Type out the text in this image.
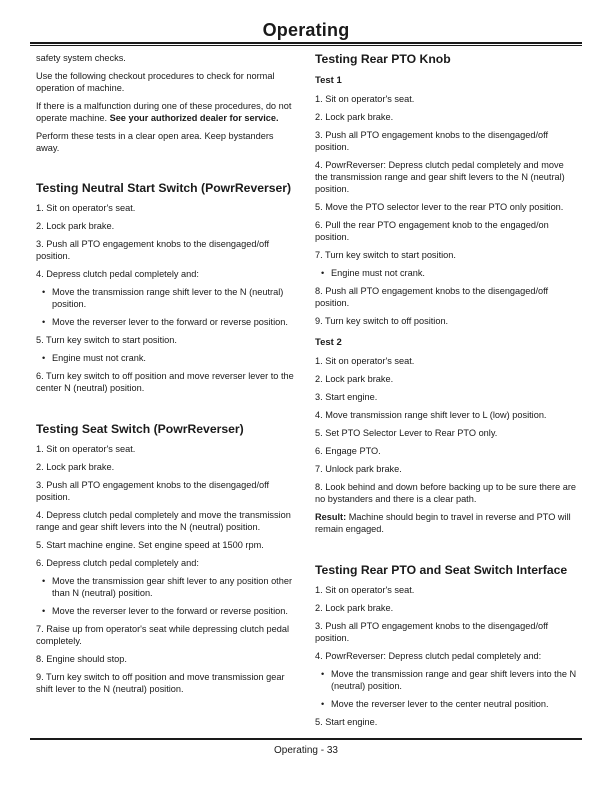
Operating

safety system checks.

Use the following checkout procedures to check for normal operation of machine.

If there is a malfunction during one of these procedures, do not operate machine. See your authorized dealer for service.

Perform these tests in a clear open area. Keep bystanders away.

Testing Neutral Start Switch (PowrReverser)

1. Sit on operator's seat.

2. Lock park brake.

3. Push all PTO engagement knobs to the disengaged/off position.

4. Depress clutch pedal completely and:

• Move the transmission range shift lever to the N (neutral) position.
• Move the reverser lever to the forward or reverse position.

5. Turn key switch to start position.

• Engine must not crank.

6. Turn key switch to off position and move reverser lever to the center N (neutral) position.

Testing Seat Switch (PowrReverser)

1. Sit on operator's seat.

2. Lock park brake.

3. Push all PTO engagement knobs to the disengaged/off position.

4. Depress clutch pedal completely and move the transmission range and gear shift levers into the N (neutral) position.

5. Start machine engine. Set engine speed at 1500 rpm.

6. Depress clutch pedal completely and:

• Move the transmission gear shift lever to any position other than N (neutral) position.
• Move the reverser lever to the forward or reverse position.

7. Raise up from operator's seat while depressing clutch pedal completely.

8. Engine should stop.

9. Turn key switch to off position and move transmission gear shift lever to the N (neutral) position.

Testing Rear PTO Knob
Test 1

1. Sit on operator's seat.

2. Lock park brake.

3. Push all PTO engagement knobs to the disengaged/off position.

4. PowrReverser: Depress clutch pedal completely and move the transmission range and gear shift levers to the N (neutral) position.

5. Move the PTO selector lever to the rear PTO only position.

6. Pull the rear PTO engagement knob to the engaged/on position.

7. Turn key switch to start position.

• Engine must not crank.

8. Push all PTO engagement knobs to the disengaged/off position.

9. Turn key switch to off position.

Test 2

1. Sit on operator's seat.

2. Lock park brake.

3. Start engine.

4. Move transmission range shift lever to L (low) position.

5. Set PTO Selector Lever to Rear PTO only.

6. Engage PTO.

7. Unlock park brake.

8. Look behind and down before backing up to be sure there are no bystanders and there is a clear path.

Result: Machine should begin to travel in reverse and PTO will remain engaged.

Testing Rear PTO and Seat Switch Interface

1. Sit on operator's seat.

2. Lock park brake.

3. Push all PTO engagement knobs to the disengaged/off position.

4. PowrReverser: Depress clutch pedal completely and:

• Move the transmission range and gear shift levers into the N (neutral) position.
• Move the reverser lever to the center neutral position.

5. Start engine.

Operating - 33
